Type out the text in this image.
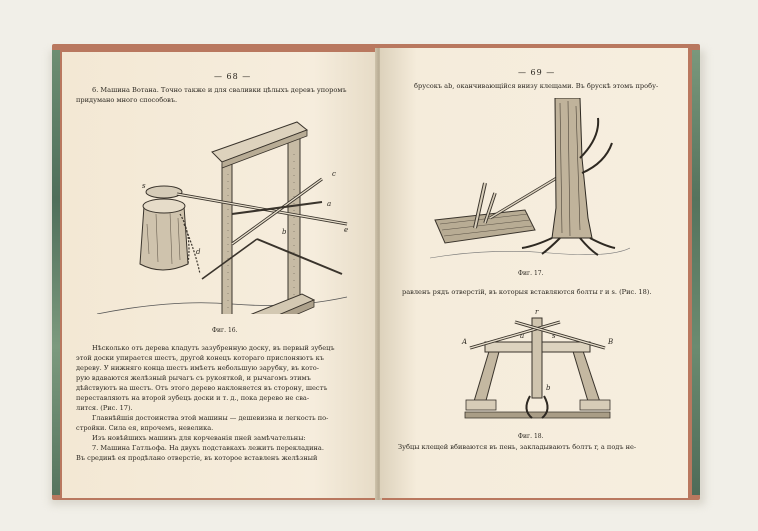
— 68 —
6. Машина Вотана. Точно также и для сваливки цѣлыхъ деревъ упоромъ
придумано много способовъ.
s
c
a
b
d
e
Фиг. 16.
Нѣсколько отъ дерева кладутъ зазубренную доску, въ первый зубецъ
этой доски упирается шестъ, другой конецъ котораго прислоняютъ къ
дереву. У нижняго конца шестъ имѣетъ небольшую зарубку, въ кото-
рую вдаваются желѣзный рычагъ съ рукояткой, и рычагомъ этимъ
дѣйствуютъ на шестъ. Отъ этого дерево наклоняется въ сторону, шестъ
переставляютъ на второй зубецъ доски и т. д., пока дерево не сва-
лится. (Рис. 17).
Главнѣйшія достоинства этой машины — дешевизна и легкость по-
стройки. Сила ея, впрочемъ, невелика.
Изъ новѣйшихъ машинъ для корчеванія пней замѣчательны:
7. Машина Гатльофа. На двухъ подставкахъ лежитъ перекладина.
Въ срединѣ ея продѣлано отверстіе, въ которое вставленъ желѣзный
— 69 —
брусокъ ab, оканчивающійся внизу клещами. Въ брускѣ этомъ пробу-
Фиг. 17.
равленъ рядъ отверстій, въ которыя вставляются болты r и s. (Рис. 18).
A	B
r
a	s
b
Фиг. 18.
Зубцы клещей вбиваются въ пень, закладываютъ болтъ r, а подъ не-
